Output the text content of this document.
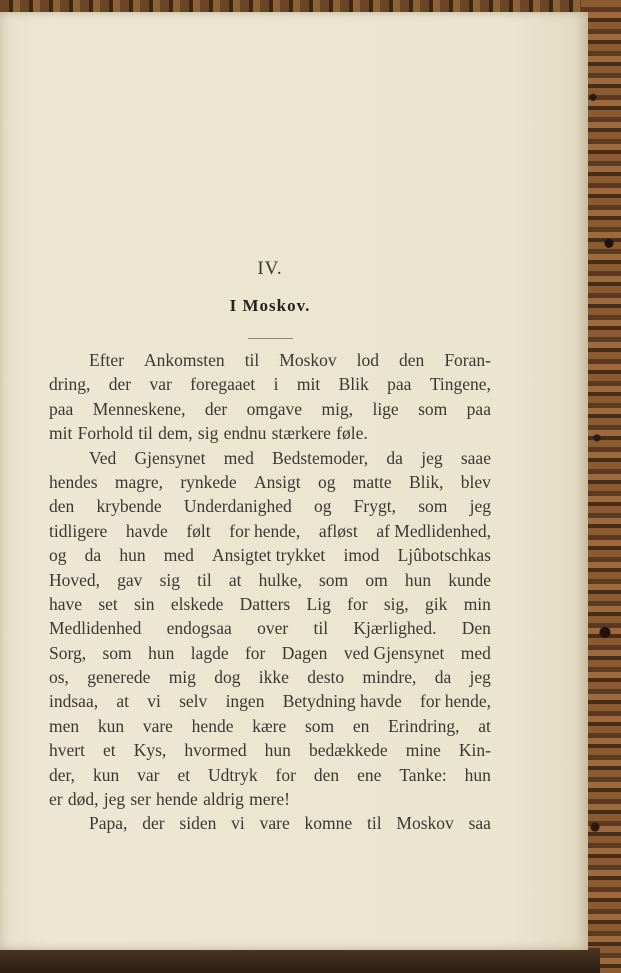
IV.
I Moskov.
Efter Ankomsten til Moskov lod den Foran-
dring, der var foregaaet i mit Blik paa Tingene,
paa Menneskene, der omgave mig, lige som paa
mit Forhold til dem, sig endnu stærkere føle.
Ved Gjensynet med Bedstemoder, da jeg saae
hendes magre, rynkede Ansigt og matte Blik, blev
den krybende Underdanighed og Frygt, som jeg
tidligere havde følt for hende, afløst af Medlidenhed,
og da hun med Ansigtet trykket imod Ljûbotschkas
Hoved, gav sig til at hulke, som om hun kunde
have set sin elskede Datters Lig for sig, gik min
Medlidenhed endogsaa over til Kjærlighed. Den
Sorg, som hun lagde for Dagen ved Gjensynet med
os, generede mig dog ikke desto mindre, da jeg
indsaa, at vi selv ingen Betydning havde for hende,
men kun vare hende kære som en Erindring, at
hvert et Kys, hvormed hun bedækkede mine Kin-
der, kun var et Udtryk for den ene Tanke: hun
er død, jeg ser hende aldrig mere!
Papa, der siden vi vare komne til Moskov saa
